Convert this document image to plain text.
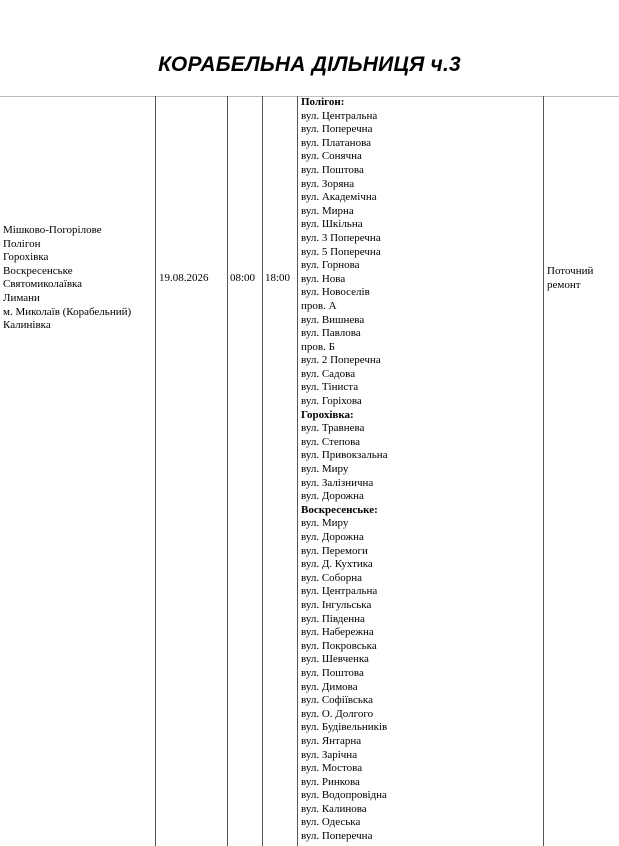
КОРАБЕЛЬНА ДІЛЬНИЦЯ ч.3
Мішково-Погорілове
Полігон
Горохівка
Воскресенське
Святомиколаївка
Лимани
м. Миколаїв (Корабельний)
Калинівка
19.08.2026 08:00 18:00
Полігон:
вул. Центральна
вул. Поперечна
вул. Платанова
вул. Сонячна
вул. Поштова
вул. Зоряна
вул. Академічна
вул. Мирна
вул. Шкільна
вул. 3 Поперечна
вул. 5 Поперечна
вул. Горнова
вул. Нова
вул. Новоселів
пров. А
вул. Вишнева
вул. Павлова
пров. Б
вул. 2 Поперечна
вул. Садова
вул. Тіниста
вул. Горіхова
Горохівка:
вул. Травнева
вул. Степова
вул. Привокзальна
вул. Миру
вул. Залізнична
вул. Дорожна
Воскресенське:
вул. Миру
вул. Дорожна
вул. Перемоги
вул. Д. Кухтика
вул. Соборна
вул. Центральна
вул. Інгульська
вул. Південна
вул. Набережна
вул. Покровська
вул. Шевченка
вул. Поштова
вул. Димова
вул. Софіївська
вул. О. Долгого
вул. Будівельників
вул. Янтарна
вул. Зарічна
вул. Мостова
вул. Ринкова
вул. Водопровідна
вул. Калинова
вул. Одеська
вул. Поперечна
Поточний
ремонт
